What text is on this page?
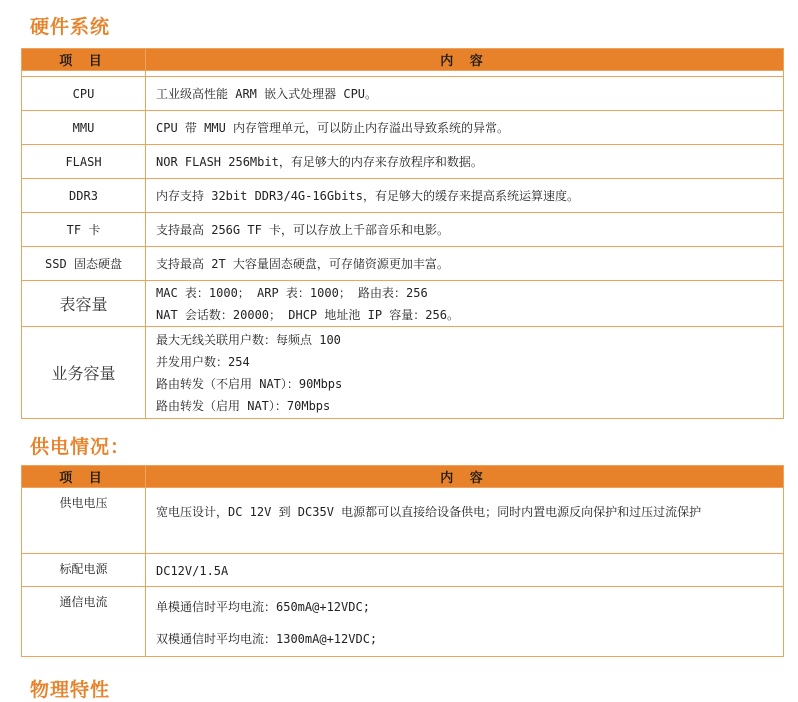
硬件系统
项 目	内 容

CPU	工业级高性能 ARM 嵌入式处理器 CPU。

MMU	CPU 带 MMU 内存管理单元，可以防止内存溢出导致系统的异常。

FLASH	NOR FLASH 256Mbit，有足够大的内存来存放程序和数据。

DDR3	内存支持 32bit DDR3/4G-16Gbits，有足够大的缓存来提高系统运算速度。

TF 卡	支持最高 256G TF 卡，可以存放上千部音乐和电影。

SSD 固态硬盘	支持最高 2T 大容量固态硬盘，可存储资源更加丰富。

表容量	MAC 表：1000； ARP 表：1000； 路由表：256
NAT 会话数：20000； DHCP 地址池 IP 容量：256。

业务容量	最大无线关联用户数：每频点 100
并发用户数：254
路由转发（不启用 NAT）：90Mbps
路由转发（启用 NAT）：70Mbps
供电情况：
项 目	内 容
供电电压	宽电压设计，DC 12V 到 DC35V 电源都可以直接给设备供电；同时内置电源反向保护和过压过流保护

标配电源	DC12V/1.5A

通信电流	单模通信时平均电流：650mA@+12VDC;
双模通信时平均电流：1300mA@+12VDC;
物理特性
